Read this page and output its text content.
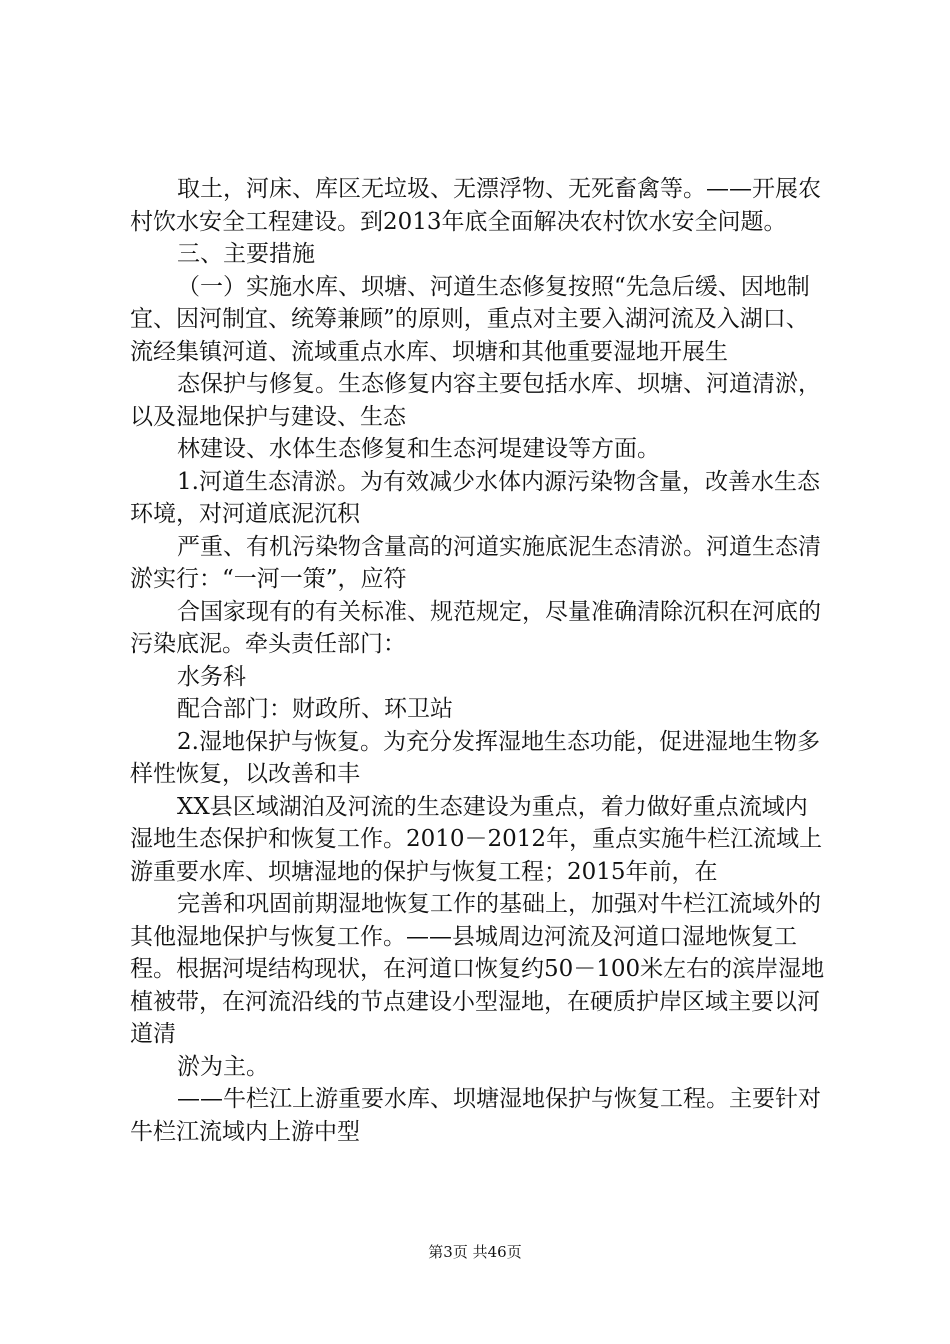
取土，河床、库区无垃圾、无漂浮物、无死畜禽等。——开展农村饮水安全工程建设。到2013年底全面解决农村饮水安全问题。

三、主要措施

（一）实施水库、坝塘、河道生态修复按照“先急后缓、因地制宜、因河制宜、统筹兼顾”的原则，重点对主要入湖河流及入湖口、流经集镇河道、流域重点水库、坝塘和其他重要湿地开展生

态保护与修复。生态修复内容主要包括水库、坝塘、河道清淤，以及湿地保护与建设、生态

林建设、水体生态修复和生态河堤建设等方面。

1.河道生态清淤。为有效减少水体内源污染物含量，改善水生态环境，对河道底泥沉积

严重、有机污染物含量高的河道实施底泥生态清淤。河道生态清淤实行：“一河一策”，应符

合国家现有的有关标准、规范规定，尽量准确清除沉积在河底的污染底泥。牵头责任部门：

水务科

配合部门：财政所、环卫站

2.湿地保护与恢复。为充分发挥湿地生态功能，促进湿地生物多样性恢复，以改善和丰

XX县区域湖泊及河流的生态建设为重点，着力做好重点流域内湿地生态保护和恢复工作。2010－2012年，重点实施牛栏江流域上游重要水库、坝塘湿地的保护与恢复工程；2015年前，在

完善和巩固前期湿地恢复工作的基础上，加强对牛栏江流域外的其他湿地保护与恢复工作。——县城周边河流及河道口湿地恢复工程。根据河堤结构现状，在河道口恢复约50－100米左右的滨岸湿地植被带，在河流沿线的节点建设小型湿地，在硬质护岸区域主要以河道清

淤为主。

——牛栏江上游重要水库、坝塘湿地保护与恢复工程。主要针对牛栏江流域内上游中型

第3页 共46页
